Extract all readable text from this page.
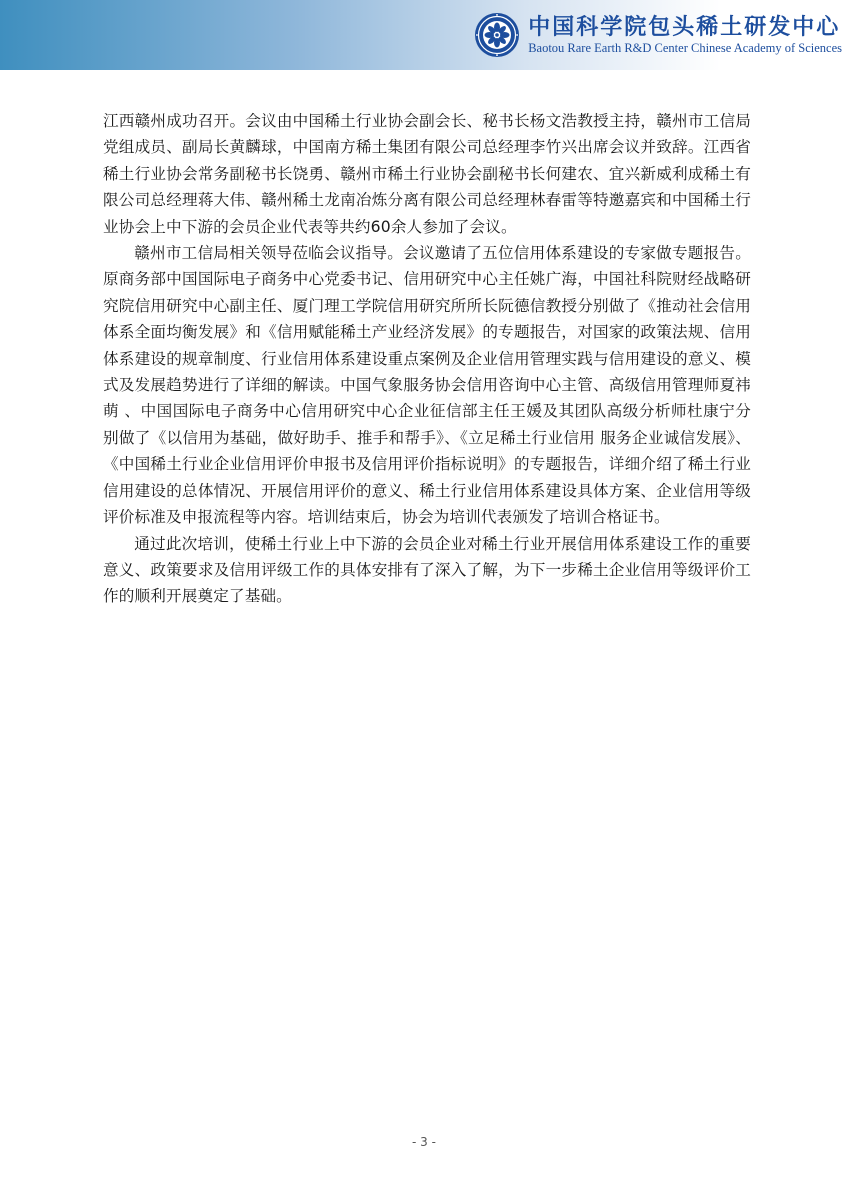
中国科学院包头稀土研发中心
Baotou Rare Earth R&D Center Chinese Academy of Sciences

江西赣州成功召开。会议由中国稀土行业协会副会长、秘书长杨文浩教授主持，赣州市工信局党组成员、副局长黄麟球，中国南方稀土集团有限公司总经理李竹兴出席会议并致辞。江西省稀土行业协会常务副秘书长饶勇、赣州市稀土行业协会副秘书长何建农、宜兴新威利成稀土有限公司总经理蒋大伟、赣州稀土龙南冶炼分离有限公司总经理林春雷等特邀嘉宾和中国稀土行业协会上中下游的会员企业代表等共约60余人参加了会议。

赣州市工信局相关领导莅临会议指导。会议邀请了五位信用体系建设的专家做专题报告。 原商务部中国国际电子商务中心党委书记、信用研究中心主任姚广海，中国社科院财经战略研究院信用研究中心副主任、厦门理工学院信用研究所所长阮德信教授分别做了《推动社会信用体系全面均衡发展》和《信用赋能稀土产业经济发展》的专题报告，对国家的政策法规、信用体系建设的规章制度、行业信用体系建设重点案例及企业信用管理实践与信用建设的意义、模式及发展趋势进行了详细的解读。中国气象服务协会信用咨询中心主管、高级信用管理师夏祎萌 、中国国际电子商务中心信用研究中心企业征信部主任王媛及其团队高级分析师杜康宁分别做了《以信用为基础，做好助手、推手和帮手》、《立足稀土行业信用 服务企业诚信发展》、《中国稀土行业企业信用评价申报书及信用评价指标说明》的专题报告，详细介绍了稀土行业信用建设的总体情况、开展信用评价的意义、稀土行业信用体系建设具体方案、企业信用等级评价标准及申报流程等内容。培训结束后，协会为培训代表颁发了培训合格证书。

通过此次培训，使稀土行业上中下游的会员企业对稀土行业开展信用体系建设工作的重要意义、政策要求及信用评级工作的具体安排有了深入了解，为下一步稀土企业信用等级评价工作的顺利开展奠定了基础。

- 3 -
